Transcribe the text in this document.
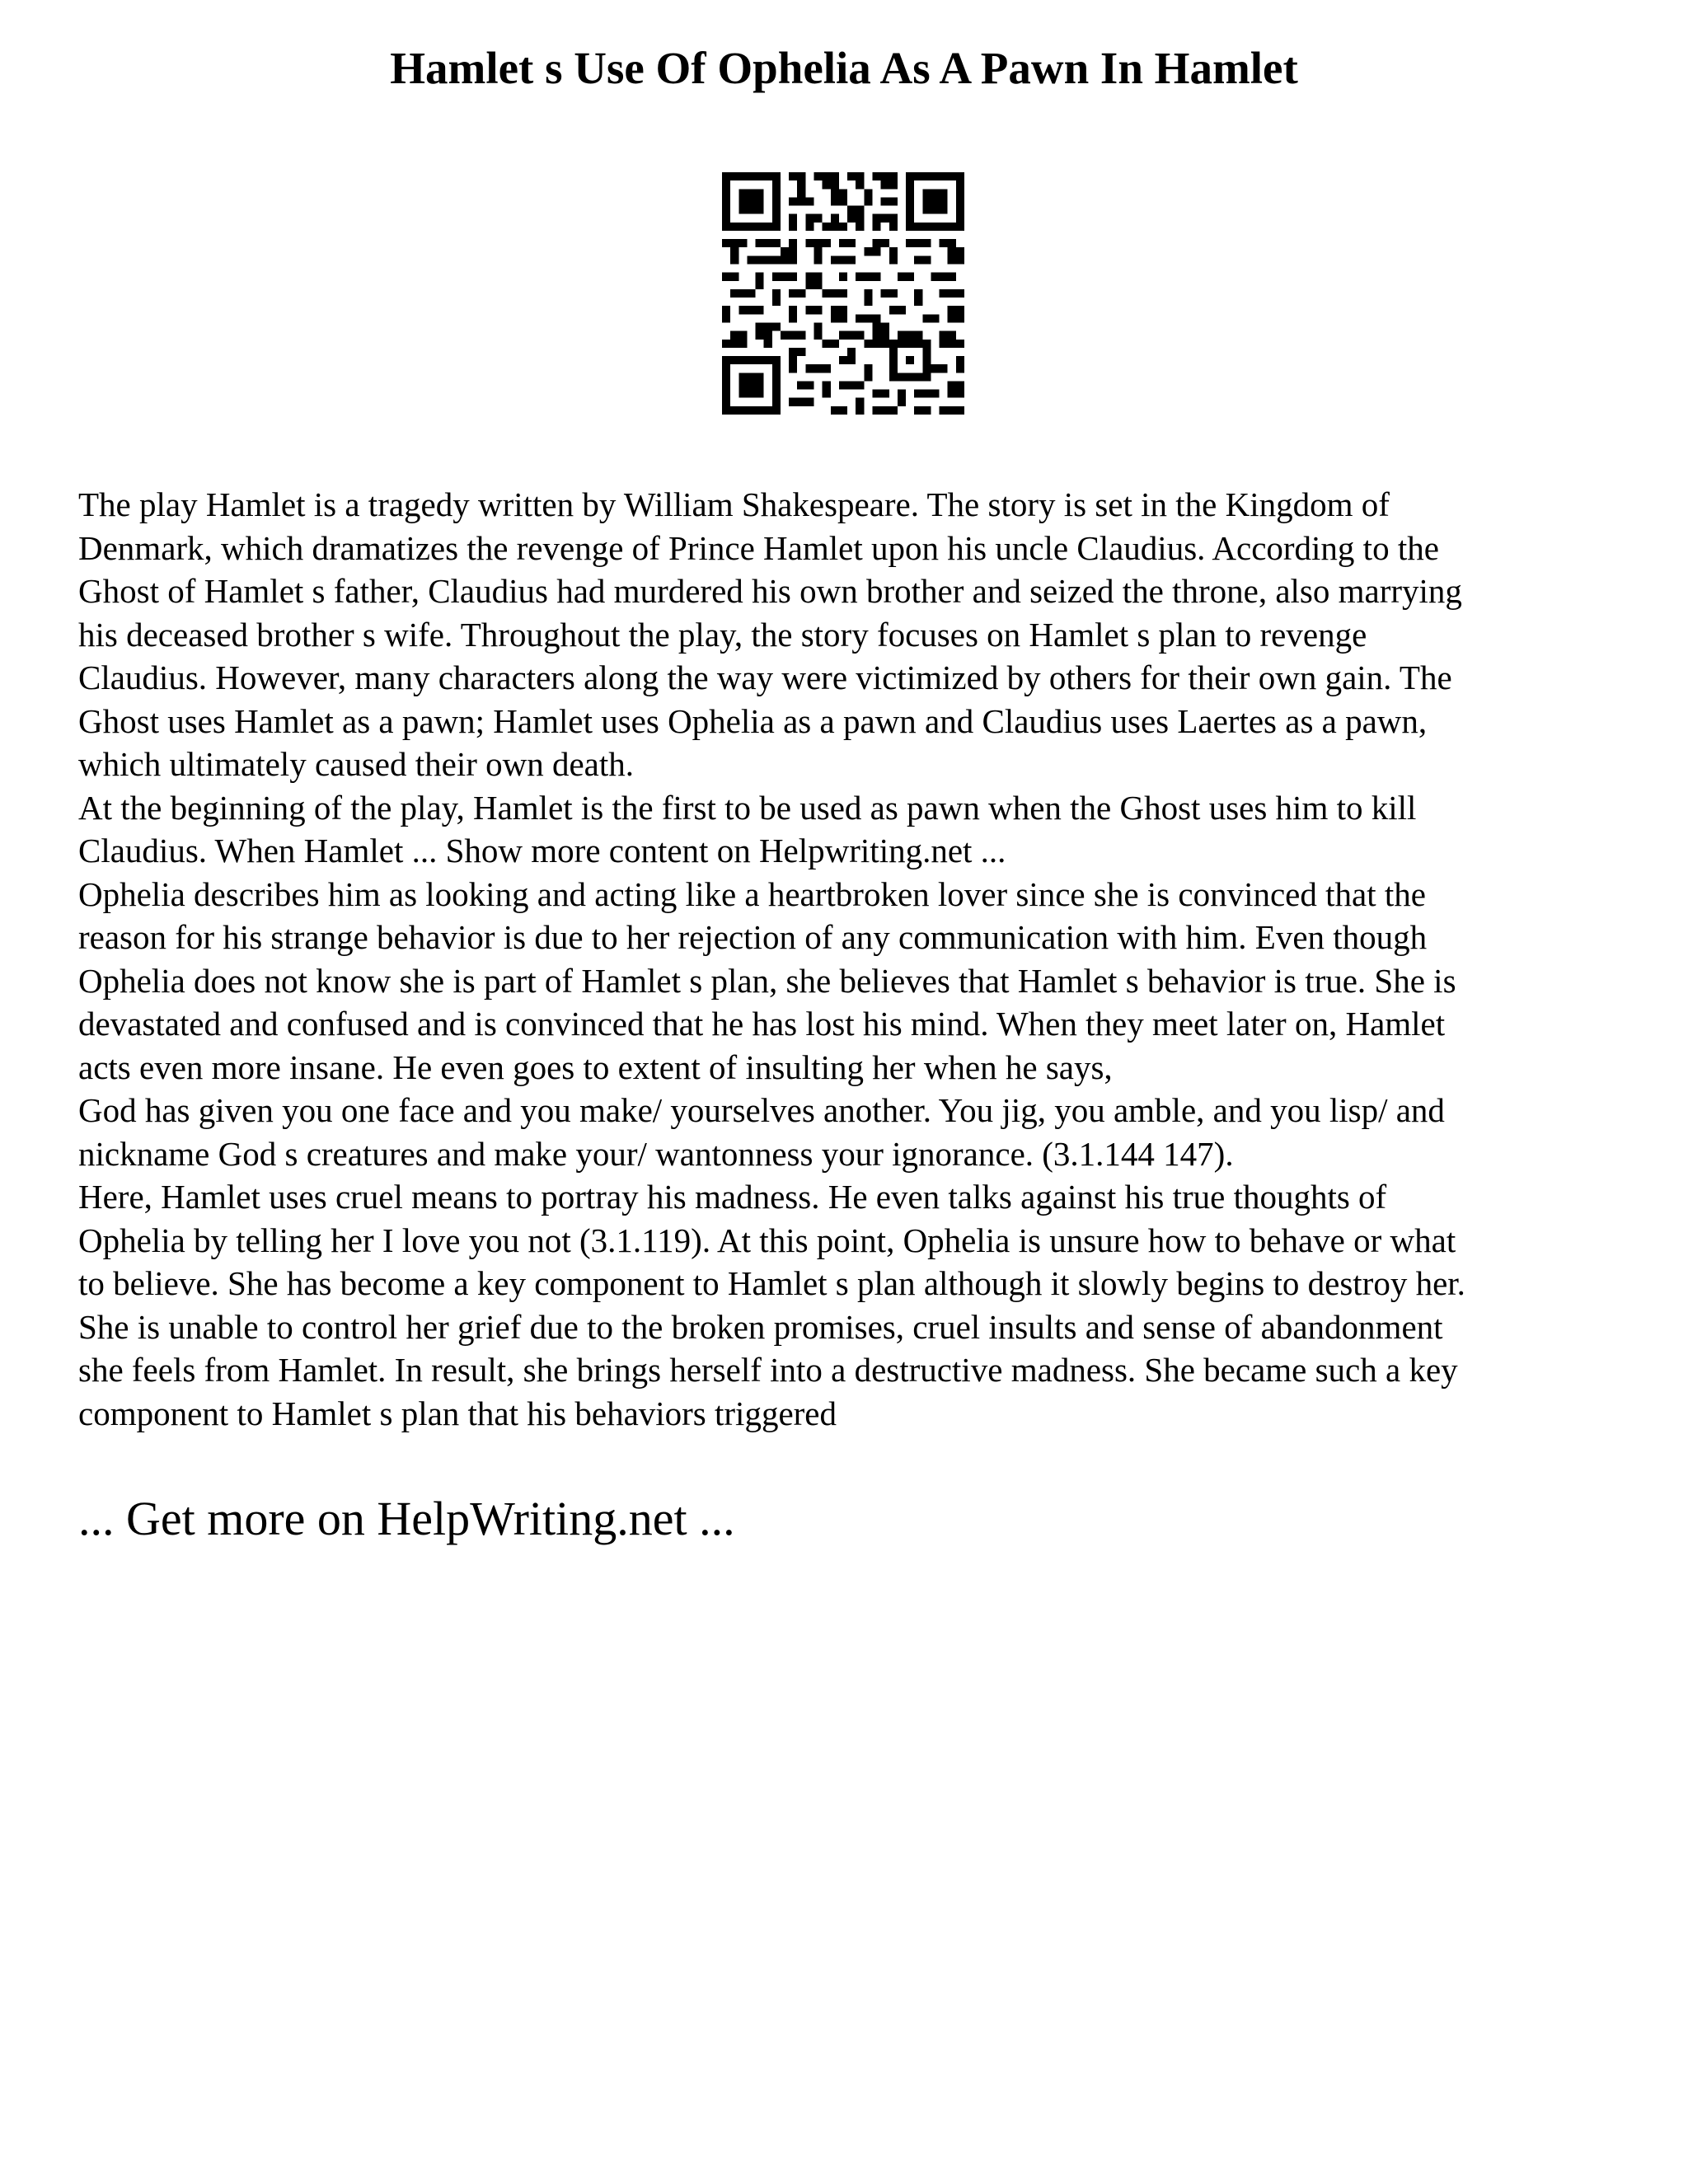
Hamlet s Use Of Ophelia As A Pawn In Hamlet

The play Hamlet is a tragedy written by William Shakespeare. The story is set in the Kingdom of
Denmark, which dramatizes the revenge of Prince Hamlet upon his uncle Claudius. According to the
Ghost of Hamlet s father, Claudius had murdered his own brother and seized the throne, also marrying
his deceased brother s wife. Throughout the play, the story focuses on Hamlet s plan to revenge
Claudius. However, many characters along the way were victimized by others for their own gain. The
Ghost uses Hamlet as a pawn; Hamlet uses Ophelia as a pawn and Claudius uses Laertes as a pawn,
which ultimately caused their own death.

At the beginning of the play, Hamlet is the first to be used as pawn when the Ghost uses him to kill
Claudius. When Hamlet ... Show more content on Helpwriting.net ...

Ophelia describes him as looking and acting like a heartbroken lover since she is convinced that the
reason for his strange behavior is due to her rejection of any communication with him. Even though
Ophelia does not know she is part of Hamlet s plan, she believes that Hamlet s behavior is true. She is
devastated and confused and is convinced that he has lost his mind. When they meet later on, Hamlet
acts even more insane. He even goes to extent of insulting her when he says,

God has given you one face and you make/ yourselves another. You jig, you amble, and you lisp/ and
nickname God s creatures and make your/ wantonness your ignorance. (3.1.144 147).

Here, Hamlet uses cruel means to portray his madness. He even talks against his true thoughts of
Ophelia by telling her I love you not (3.1.119). At this point, Ophelia is unsure how to behave or what
to believe. She has become a key component to Hamlet s plan although it slowly begins to destroy her.
She is unable to control her grief due to the broken promises, cruel insults and sense of abandonment
she feels from Hamlet. In result, she brings herself into a destructive madness. She became such a key
component to Hamlet s plan that his behaviors triggered

... Get more on HelpWriting.net ...
